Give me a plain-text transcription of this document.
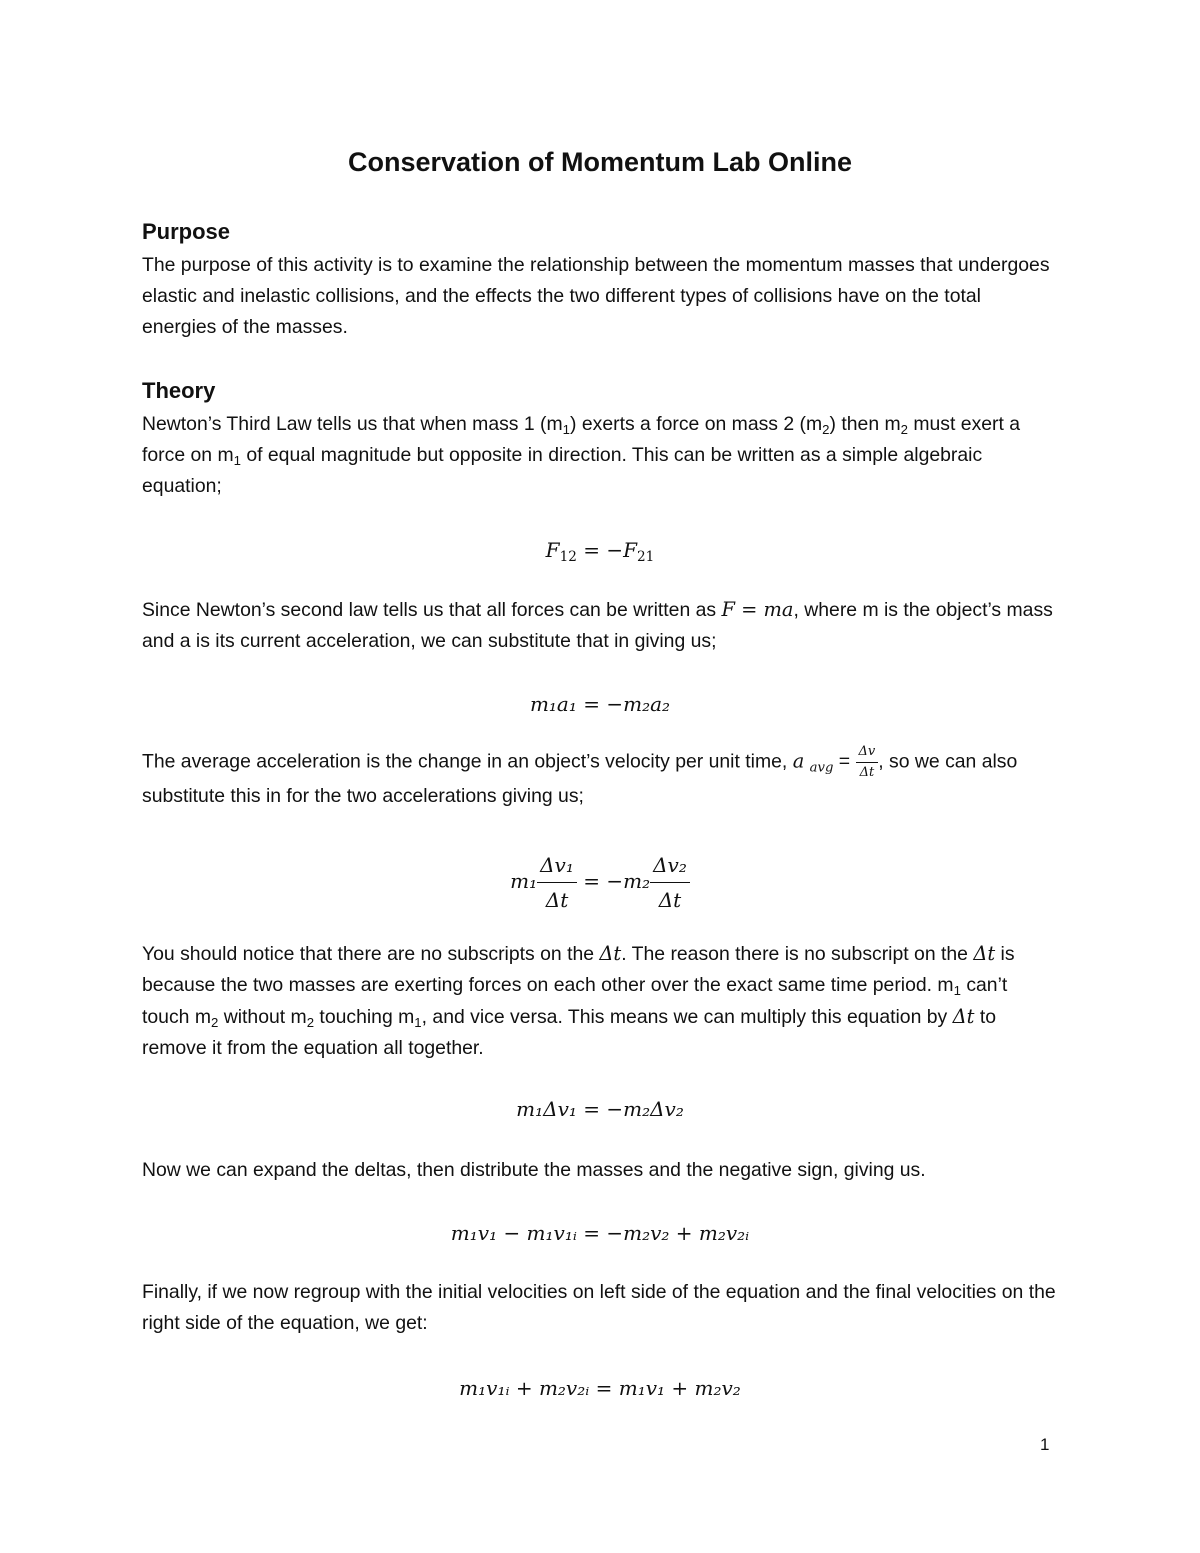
Conservation of Momentum Lab Online
Purpose
The purpose of this activity is to examine the relationship between the momentum masses that undergoes elastic and inelastic collisions, and the effects the two different types of collisions have on the total energies of the masses.
Theory
Newton’s Third Law tells us that when mass 1 $(m_1)$ exerts a force on mass 2 $(m_2)$ then $m_2$ must exert a force on $m_1$ of equal magnitude but opposite in direction. This can be written as a simple algebraic equation;
$F_{12} = -F_{21}$
Since Newton’s second law tells us that all forces can be written as F = ma, where m is the object’s mass and a is its current acceleration, we can substitute that in giving us;
m₁a₁ = −m₂a₂
The average acceleration is the change in an object’s velocity per unit time, a $_{avg} = \frac{\Delta v}{\Delta t}$ , so we can also substitute this in for the two accelerations giving us;
$m_1 \frac{\text{Δv₁}}{\Delta t} = -m_2 \frac{\text{Δv₂}}{\Delta t}$
You should notice that there are no subscripts on the Δt. The reason there is no subscript on the Δt is because the two masses are exerting forces on each other over the exact same time period. $m_1$ can’t touch $m_2$ without $m_2$ touching $m_1$, and vice versa. This means we can multiply this equation by Δt to remove it from the equation all together.
m₁Δv₁ = −m₂Δv₂
Now we can expand the deltas, then distribute the masses and the negative sign, giving us.
m₁v₁ − m₁v₁ᵢ = −m₂v₂ + m₂v₂ᵢ
Finally, if we now regroup with the initial velocities on left side of the equation and the final velocities on the right side of the equation, we get:
m₁v₁ᵢ + m₂v₂ᵢ = m₁v₁ + m₂v₂
1
